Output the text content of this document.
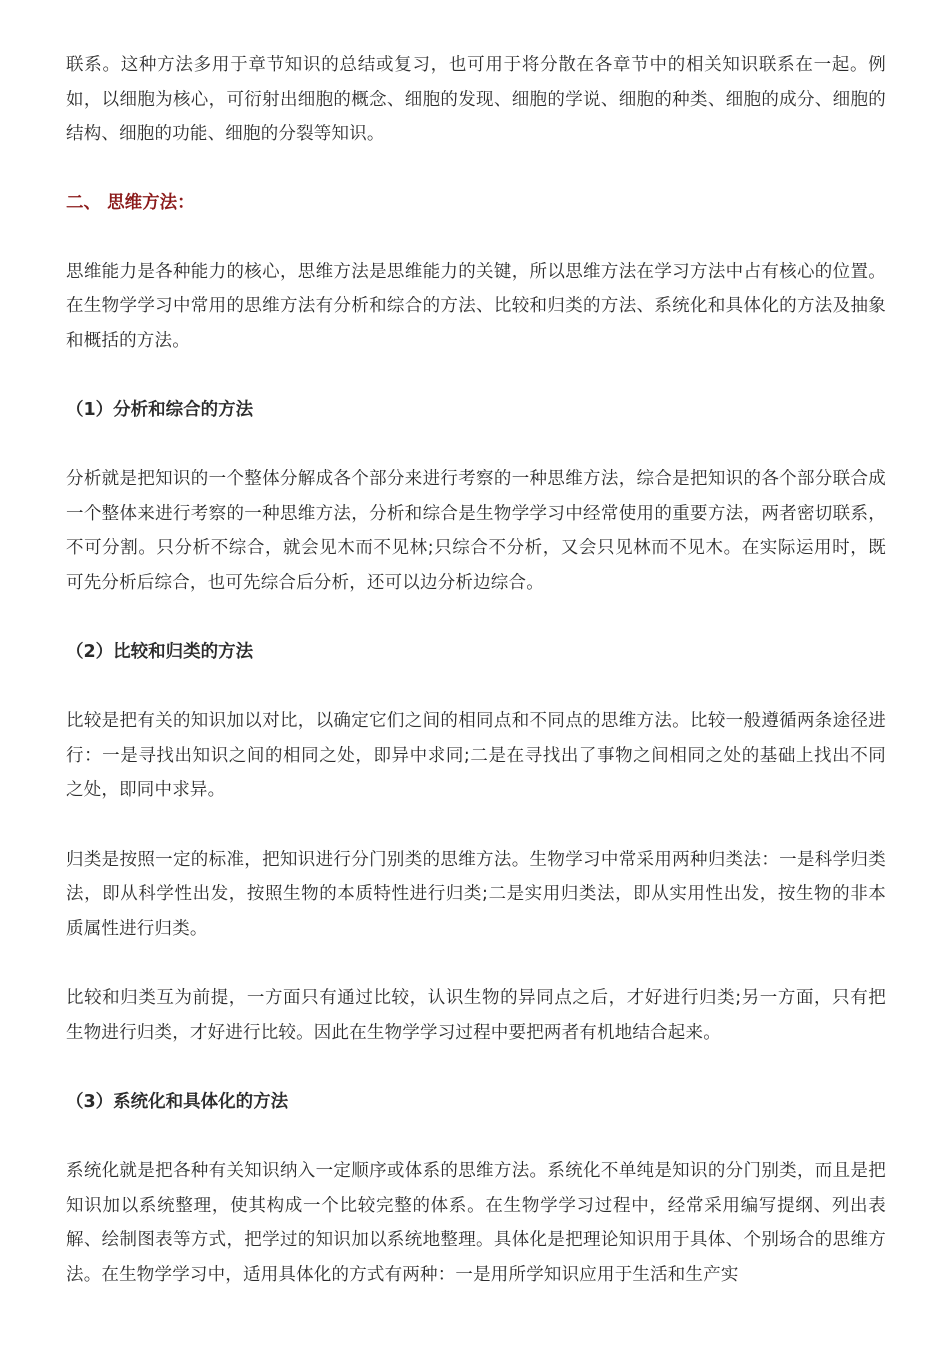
联系。这种方法多用于章节知识的总结或复习，也可用于将分散在各章节中的相关知识联系在一起。例如，以细胞为核心，可衍射出细胞的概念、细胞的发现、细胞的学说、细胞的种类、细胞的成分、细胞的结构、细胞的功能、细胞的分裂等知识。

二、 思维方法：

思维能力是各种能力的核心，思维方法是思维能力的关键，所以思维方法在学习方法中占有核心的位置。在生物学学习中常用的思维方法有分析和综合的方法、比较和归类的方法、系统化和具体化的方法及抽象和概括的方法。

（1）分析和综合的方法

分析就是把知识的一个整体分解成各个部分来进行考察的一种思维方法，综合是把知识的各个部分联合成一个整体来进行考察的一种思维方法，分析和综合是生物学学习中经常使用的重要方法，两者密切联系，不可分割。只分析不综合，就会见木而不见林;只综合不分析，又会只见林而不见木。在实际运用时，既可先分析后综合，也可先综合后分析，还可以边分析边综合。

（2）比较和归类的方法

比较是把有关的知识加以对比，以确定它们之间的相同点和不同点的思维方法。比较一般遵循两条途径进行：一是寻找出知识之间的相同之处，即异中求同;二是在寻找出了事物之间相同之处的基础上找出不同之处，即同中求异。

归类是按照一定的标准，把知识进行分门别类的思维方法。生物学习中常采用两种归类法：一是科学归类法，即从科学性出发，按照生物的本质特性进行归类;二是实用归类法，即从实用性出发，按生物的非本质属性进行归类。

比较和归类互为前提，一方面只有通过比较，认识生物的异同点之后，才好进行归类;另一方面，只有把生物进行归类，才好进行比较。因此在生物学学习过程中要把两者有机地结合起来。

（3）系统化和具体化的方法

系统化就是把各种有关知识纳入一定顺序或体系的思维方法。系统化不单纯是知识的分门别类，而且是把知识加以系统整理，使其构成一个比较完整的体系。在生物学学习过程中，经常采用编写提纲、列出表解、绘制图表等方式，把学过的知识加以系统地整理。具体化是把理论知识用于具体、个别场合的思维方法。在生物学学习中，适用具体化的方式有两种：一是用所学知识应用于生活和生产实
